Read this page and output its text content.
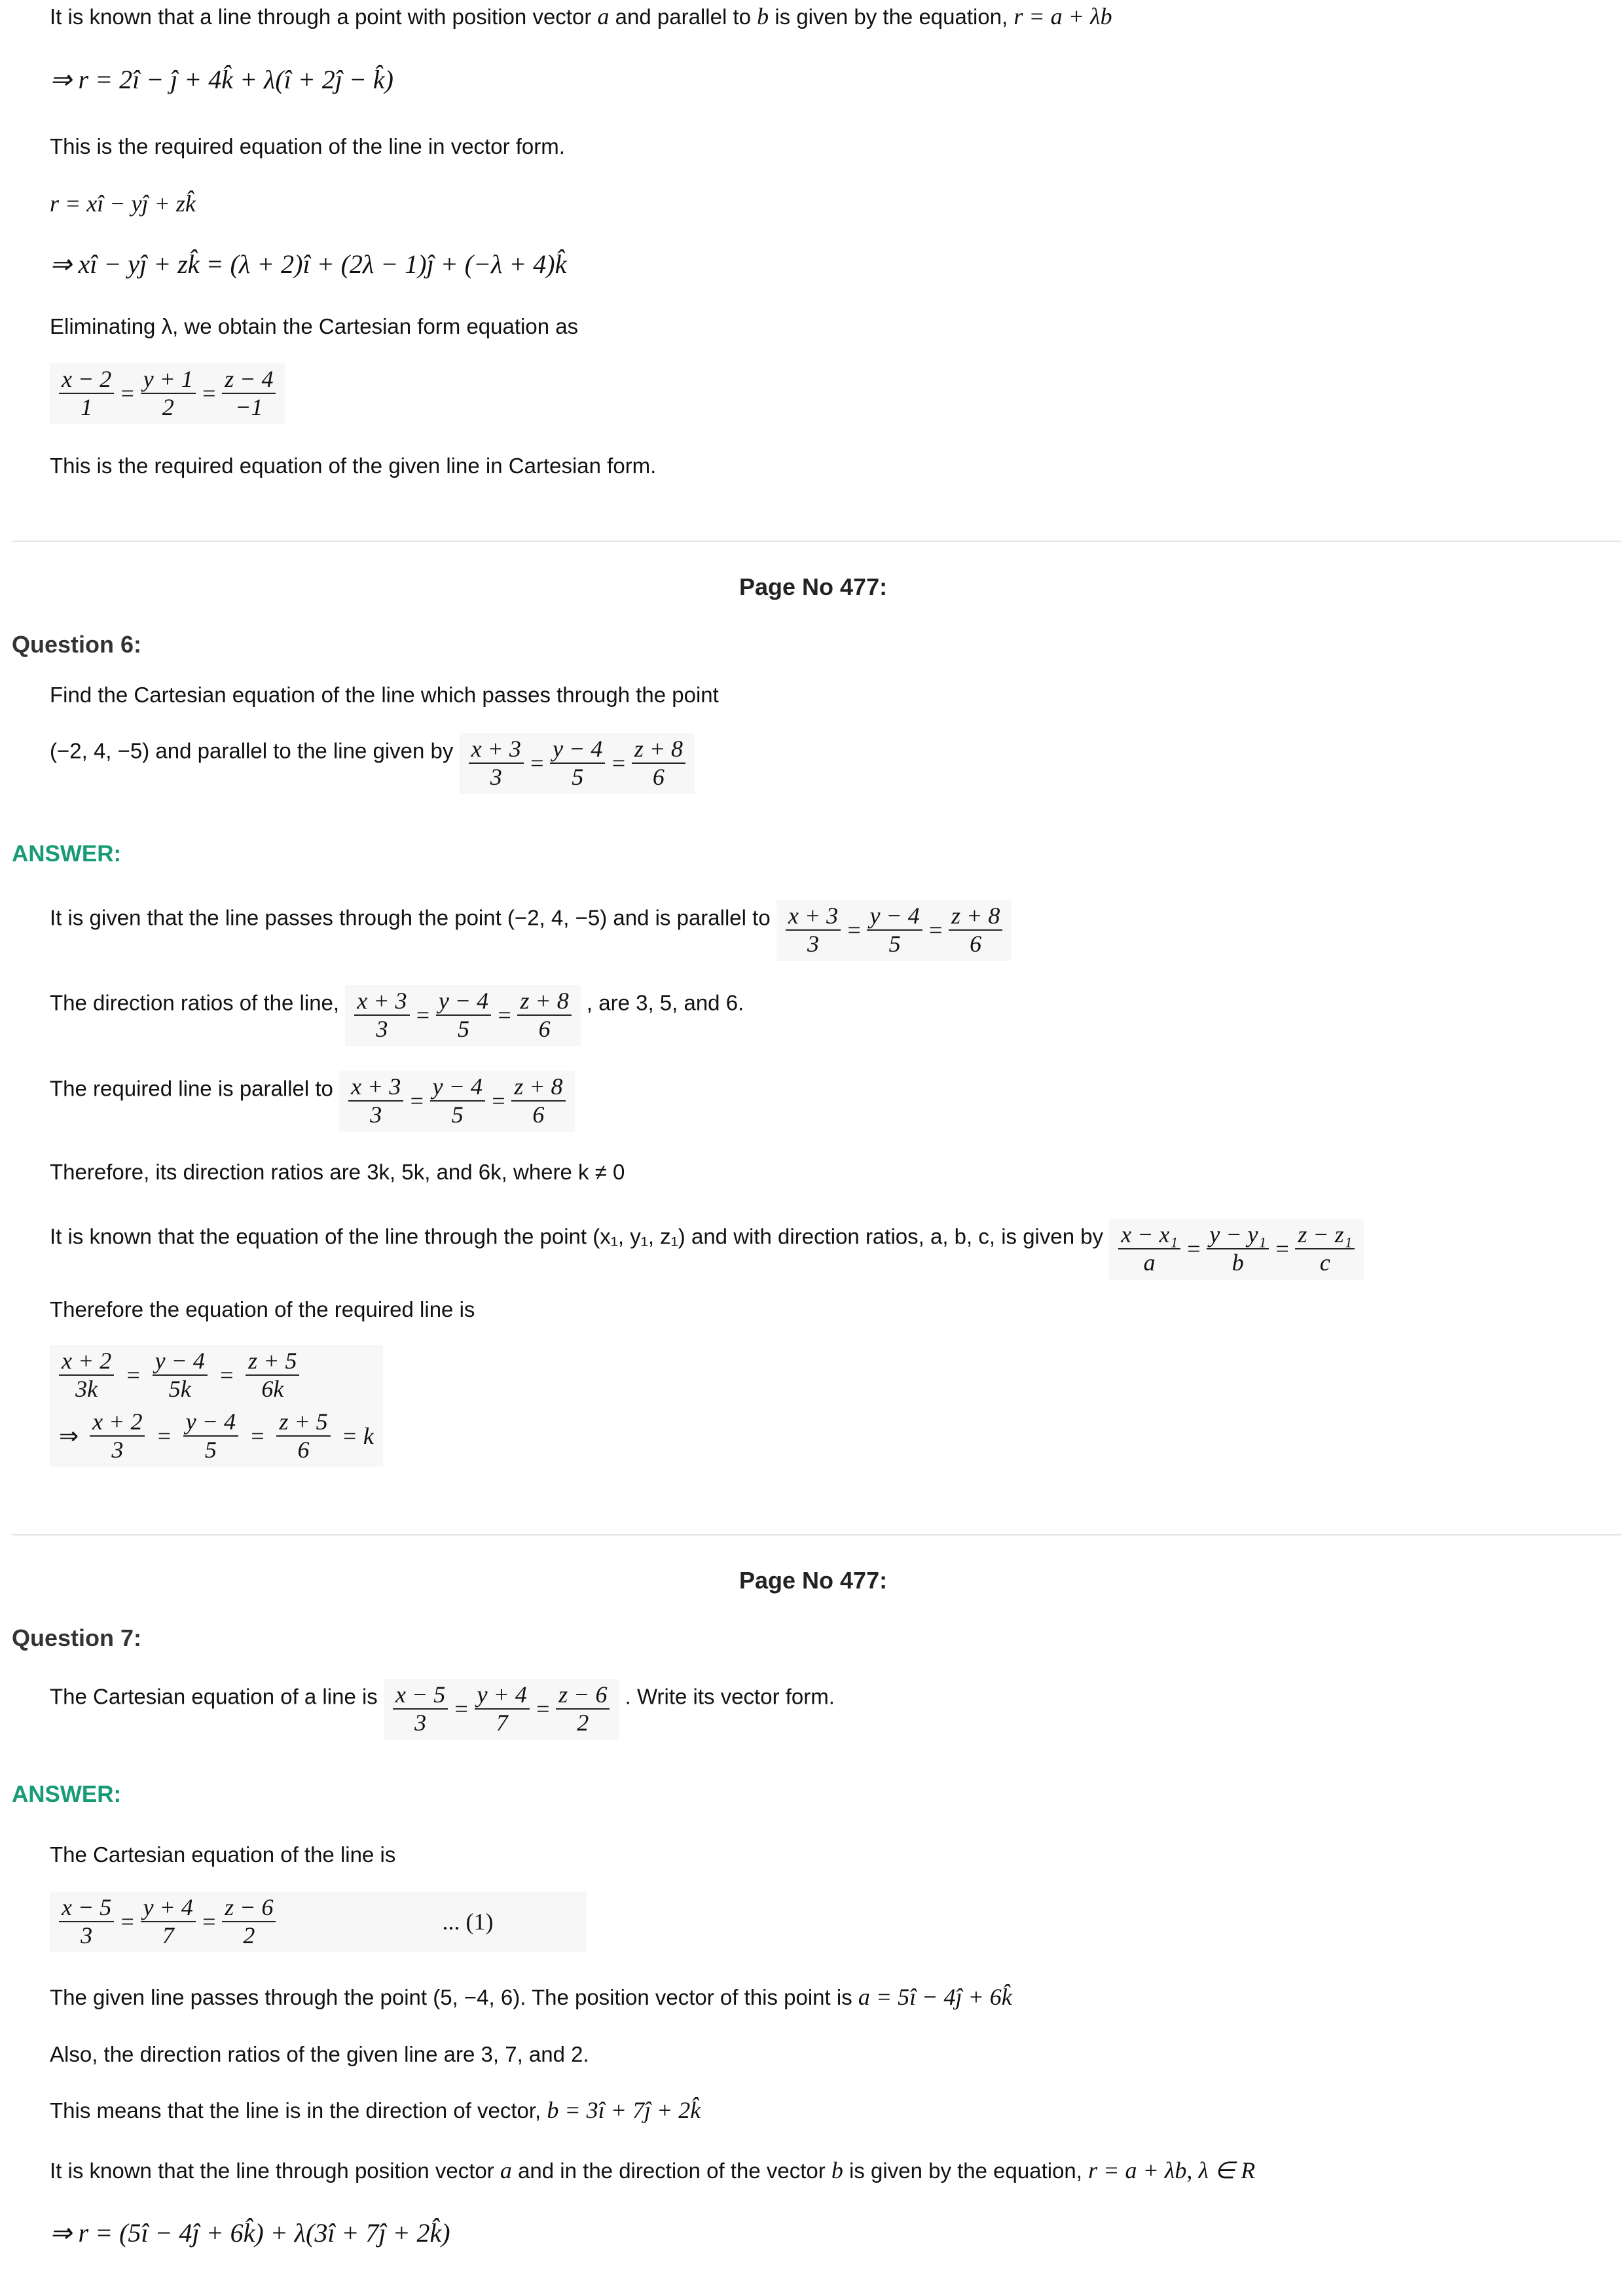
It is known that a line through a point with position vector a and parallel to b is given by the equation, r = a + λb
⇒ r = 2î − ĵ + 4k̂ + λ(î + 2ĵ − k̂)
This is the required equation of the line in vector form.
r = xî − yĵ + zk̂
⇒ xî − yĵ + zk̂ = (λ + 2)î + (2λ − 1)ĵ + (−λ + 4)k̂
Eliminating λ, we obtain the Cartesian form equation as
$\frac{x - 2}{1} = \frac{y + 1}{2} = \frac{z - 4}{-1}$
This is the required equation of the given line in Cartesian form.
Page No 477:
Question 6:
Find the Cartesian equation of the line which passes through the point
(−2, 4, −5) and parallel to the line given by $\frac{x + 3}{3} = \frac{y - 4}{5} = \frac{z + 8}{6}$
ANSWER:
It is given that the line passes through the point (−2, 4, −5) and is parallel to $\frac{x + 3}{3} = \frac{y - 4}{5} = \frac{z + 8}{6}$
The direction ratios of the line, $\frac{x + 3}{3} = \frac{y - 4}{5} = \frac{z + 8}{6}$ , are 3, 5, and 6.
The required line is parallel to $\frac{x + 3}{3} = \frac{y - 4}{5} = \frac{z + 8}{6}$
Therefore, its direction ratios are 3k, 5k, and 6k, where k ≠ 0
It is known that the equation of the line through the point (x₁, y₁, z₁) and with direction ratios, a, b, c, is given by $\frac{\text{x − x₁}}{a} = \frac{\text{y − y₁}}{b} = \frac{\text{z − z₁}}{c}$
Therefore the equation of the required line is
$\frac{x + 2}{3k} = \frac{y - 4}{5k} = \frac{z + 5}{6k}$
⇒ $\frac{x + 2}{3} = \frac{y - 4}{5} = \frac{z + 5}{6} = k$
Page No 477:
Question 7:
The Cartesian equation of a line is $\frac{x - 5}{3} = \frac{y + 4}{7} = \frac{z - 6}{2}$ . Write its vector form.
ANSWER:
The Cartesian equation of the line is
$\frac{x - 5}{3} = \frac{y + 4}{7} = \frac{z - 6}{2}$	... (1)
The given line passes through the point (5, −4, 6). The position vector of this point is a = 5î − 4ĵ + 6k̂
Also, the direction ratios of the given line are 3, 7, and 2.
This means that the line is in the direction of vector, b = 3î + 7ĵ + 2k̂
It is known that the line through position vector a and in the direction of the vector b is given by the equation, r = a + λb, λ ∈ R
⇒ r = (5î − 4ĵ + 6k̂) + λ(3î + 7ĵ + 2k̂)
